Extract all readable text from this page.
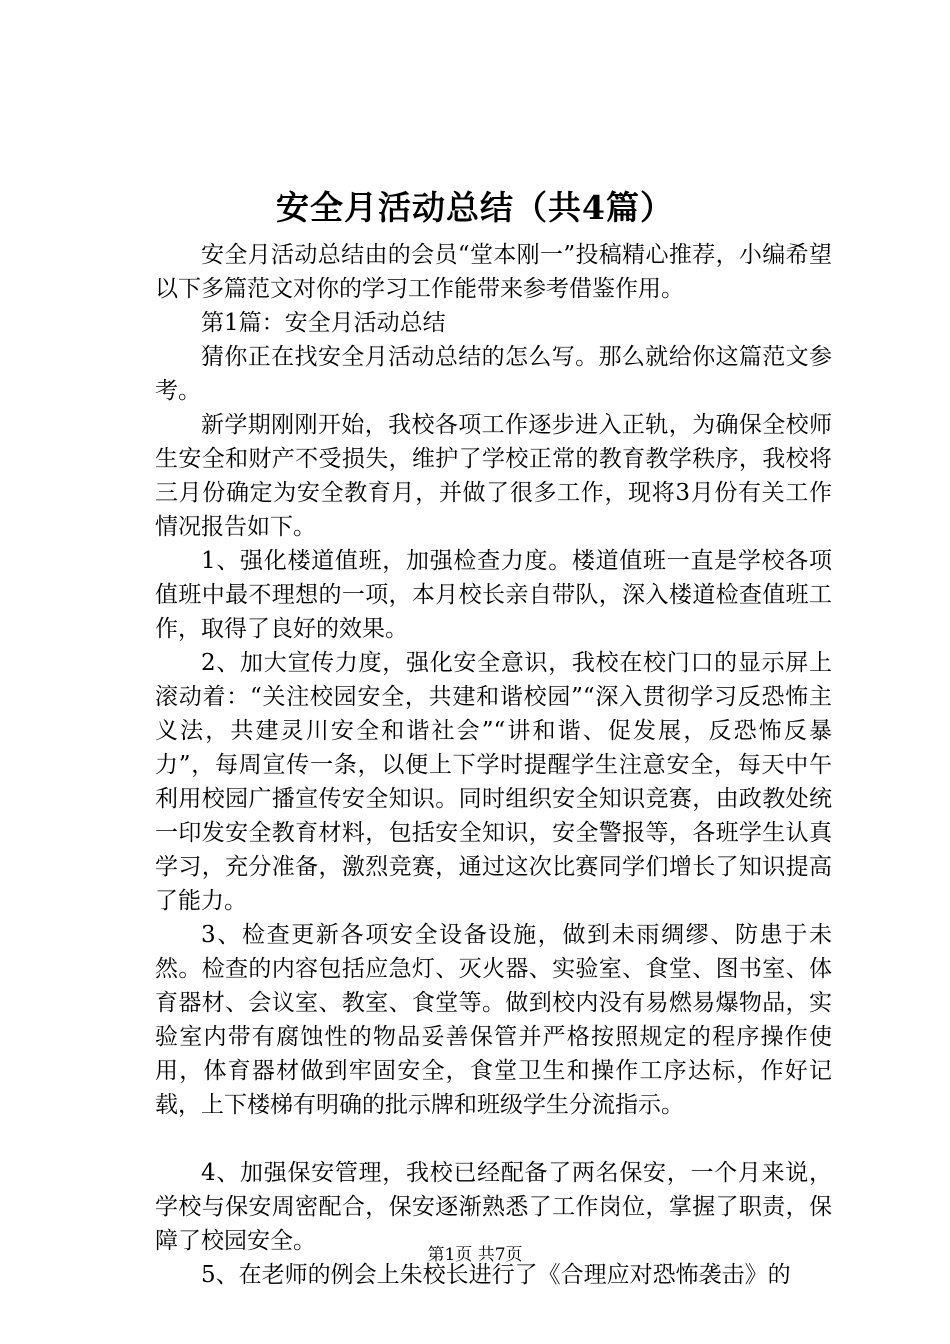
安全月活动总结（共4篇）

安全月活动总结由的会员“堂本刚一”投稿精心推荐，小编希望以下多篇范文对你的学习工作能带来参考借鉴作用。

第1篇：安全月活动总结

猜你正在找安全月活动总结的怎么写。那么就给你这篇范文参考。

新学期刚刚开始，我校各项工作逐步进入正轨，为确保全校师生安全和财产不受损失，维护了学校正常的教育教学秩序，我校将三月份确定为安全教育月，并做了很多工作，现将3月份有关工作情况报告如下。

1、强化楼道值班，加强检查力度。楼道值班一直是学校各项值班中最不理想的一项，本月校长亲自带队，深入楼道检查值班工作，取得了良好的效果。

2、加大宣传力度，强化安全意识，我校在校门口的显示屏上滚动着：“关注校园安全，共建和谐校园”“深入贯彻学习反恐怖主义法，共建灵川安全和谐社会”“讲和谐、促发展，反恐怖反暴力”，每周宣传一条，以便上下学时提醒学生注意安全，每天中午利用校园广播宣传安全知识。同时组织安全知识竞赛，由政教处统一印发安全教育材料，包括安全知识，安全警报等，各班学生认真学习，充分准备，激烈竞赛，通过这次比赛同学们增长了知识提高了能力。

3、检查更新各项安全设备设施，做到未雨绸缪、防患于未然。检查的内容包括应急灯、灭火器、实验室、食堂、图书室、体育器材、会议室、教室、食堂等。做到校内没有易燃易爆物品，实验室内带有腐蚀性的物品妥善保管并严格按照规定的程序操作使用，体育器材做到牢固安全，食堂卫生和操作工序达标，作好记载，上下楼梯有明确的批示牌和班级学生分流指示。

4、加强保安管理，我校已经配备了两名保安，一个月来说，学校与保安周密配合，保安逐渐熟悉了工作岗位，掌握了职责，保障了校园安全。

5、在老师的例会上朱校长进行了《合理应对恐怖袭击》的

第1页 共7页
